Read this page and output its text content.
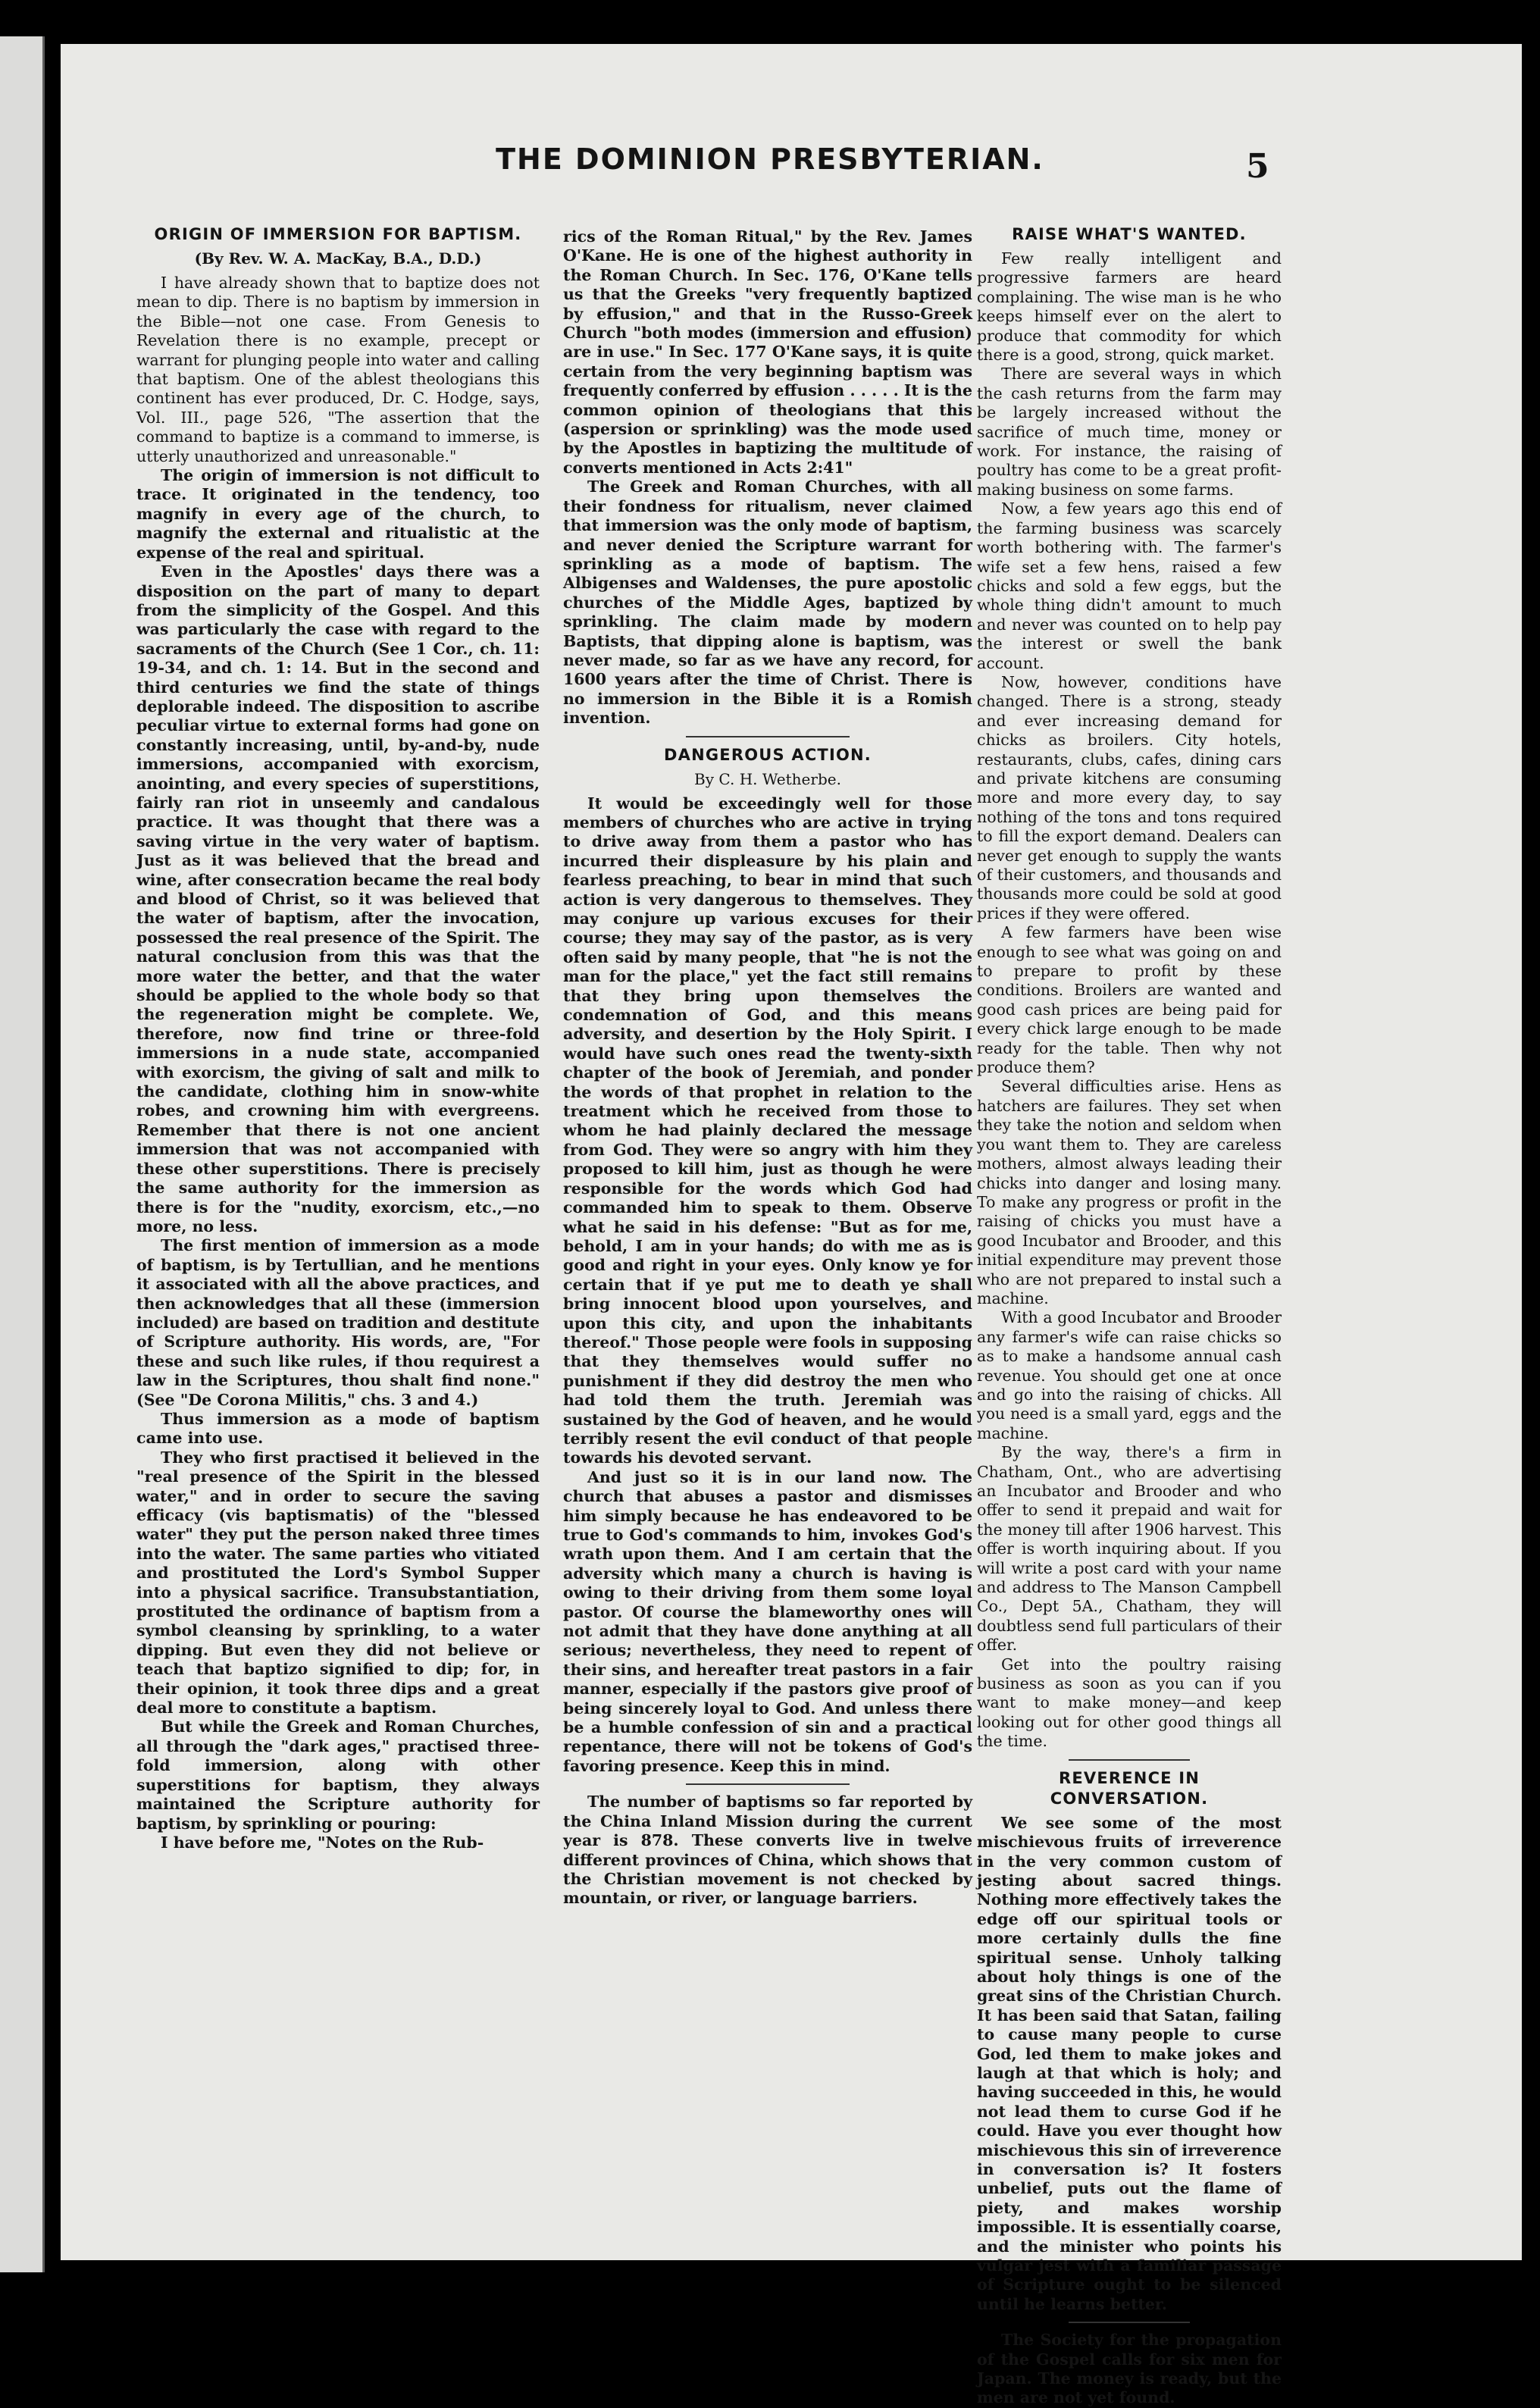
THE DOMINION PRESBYTERIAN.	5
ORIGIN OF IMMERSION FOR BAPTISM.
(By Rev. W. A. MacKay, B.A., D.D.)

I have already shown that to baptize does not mean to dip. There is no baptism by immersion in the Bible—not one case. From Genesis to Revelation there is no example, precept or warrant for plunging people into water and calling that baptism. One of the ablest theologians this continent has ever produced, Dr. C. Hodge, says, Vol. III., page 526, "The assertion that the command to baptize is a command to immerse, is utterly unauthorized and unreasonable."

The origin of immersion is not difficult to trace. It originated in the tendency, too magnify in every age of the church, to magnify the external and ritualistic at the expense of the real and spiritual.

Even in the Apostles' days there was a disposition on the part of many to depart from the simplicity of the Gospel. And this was particularly the case with regard to the sacraments of the Church (See 1 Cor., ch. 11: 19-34, and ch. 1: 14. But in the second and third centuries we find the state of things deplorable indeed. The disposition to ascribe peculiar virtue to external forms had gone on constantly increasing, until, by-and-by, nude immersions, accompanied with exorcism, anointing, and every species of superstitions, fairly ran riot in unseemly and candalous practice. It was thought that there was a saving virtue in the very water of baptism. Just as it was believed that the bread and wine, after consecration became the real body and blood of Christ, so it was believed that the water of baptism, after the invocation, possessed the real presence of the Spirit. The natural conclusion from this was that the more water the better, and that the water should be applied to the whole body so that the regeneration might be complete. We, therefore, now find trine or three-fold immersions in a nude state, accompanied with exorcism, the giving of salt and milk to the candidate, clothing him in snow-white robes, and crowning him with evergreens. Remember that there is not one ancient immersion that was not accompanied with these other superstitions. There is precisely the same authority for the immersion as there is for the "nudity, exorcism, etc.,—no more, no less.

The first mention of immersion as a mode of baptism, is by Tertullian, and he mentions it associated with all the above practices, and then acknowledges that all these (immersion included) are based on tradition and destitute of Scripture authority. His words, are, "For these and such like rules, if thou requirest a law in the Scriptures, thou shalt find none." (See "De Corona Militis," chs. 3 and 4.)

Thus immersion as a mode of baptism came into use.

They who first practised it believed in the "real presence of the Spirit in the blessed water," and in order to secure the saving efficacy (vis baptismatis) of the "blessed water" they put the person naked three times into the water. The same parties who vitiated and prostituted the Lord's Symbol Supper into a physical sacrifice. Transubstantiation, prostituted the ordinance of baptism from a symbol cleansing by sprinkling, to a water dipping. But even they did not believe or teach that baptizo signified to dip; for, in their opinion, it took three dips and a great deal more to constitute a baptism.

But while the Greek and Roman Churches, all through the "dark ages," practised three-fold immersion, along with other superstitions for baptism, they always maintained the Scripture authority for baptism, by sprinkling or pouring:

I have before me, "Notes on the Rub-

rics of the Roman Ritual," by the Rev. James O'Kane. He is one of the highest authority in the Roman Church. In Sec. 176, O'Kane tells us that the Greeks "very frequently baptized by effusion," and that in the Russo-Greek Church "both modes (immersion and effusion) are in use." In Sec. 177 O'Kane says, it is quite certain from the very beginning baptism was frequently conferred by effusion . . . . . It is the common opinion of theologians that this (aspersion or sprinkling) was the mode used by the Apostles in baptizing the multitude of converts mentioned in Acts 2:41"

The Greek and Roman Churches, with all their fondness for ritualism, never claimed that immersion was the only mode of baptism, and never denied the Scripture warrant for sprinkling as a mode of baptism. The Albigenses and Waldenses, the pure apostolic churches of the Middle Ages, baptized by sprinkling. The claim made by modern Baptists, that dipping alone is baptism, was never made, so far as we have any record, for 1600 years after the time of Christ. There is no immersion in the Bible it is a Romish invention.

DANGEROUS ACTION.
By C. H. Wetherbe.

It would be exceedingly well for those members of churches who are active in trying to drive away from them a pastor who has incurred their displeasure by his plain and fearless preaching, to bear in mind that such action is very dangerous to themselves. They may conjure up various excuses for their course; they may say of the pastor, as is very often said by many people, that "he is not the man for the place," yet the fact still remains that they bring upon themselves the condemnation of God, and this means adversity, and desertion by the Holy Spirit. I would have such ones read the twenty-sixth chapter of the book of Jeremiah, and ponder the words of that prophet in relation to the treatment which he received from those to whom he had plainly declared the message from God. They were so angry with him they proposed to kill him, just as though he were responsible for the words which God had commanded him to speak to them. Observe what he said in his defense: "But as for me, behold, I am in your hands; do with me as is good and right in your eyes. Only know ye for certain that if ye put me to death ye shall bring innocent blood upon yourselves, and upon this city, and upon the inhabitants thereof." Those people were fools in supposing that they themselves would suffer no punishment if they did destroy the men who had told them the truth. Jeremiah was sustained by the God of heaven, and he would terribly resent the evil conduct of that people towards his devoted servant.

And just so it is in our land now. The church that abuses a pastor and dismisses him simply because he has endeavored to be true to God's commands to him, invokes God's wrath upon them. And I am certain that the adversity which many a church is having is owing to their driving from them some loyal pastor. Of course the blameworthy ones will not admit that they have done anything at all serious; nevertheless, they need to repent of their sins, and hereafter treat pastors in a fair manner, especially if the pastors give proof of being sincerely loyal to God. And unless there be a humble confession of sin and a practical repentance, there will not be tokens of God's favoring presence. Keep this in mind.

The number of baptisms so far reported by the China Inland Mission during the current year is 878. These converts live in twelve different provinces of China, which shows that the Christian movement is not checked by mountain, or river, or language barriers.

RAISE WHAT'S WANTED.

Few really intelligent and progressive farmers are heard complaining. The wise man is he who keeps himself ever on the alert to produce that commodity for which there is a good, strong, quick market.

There are several ways in which the cash returns from the farm may be largely increased without the sacrifice of much time, money or work. For instance, the raising of poultry has come to be a great profit-making business on some farms.

Now, a few years ago this end of the farming business was scarcely worth bothering with. The farmer's wife set a few hens, raised a few chicks and sold a few eggs, but the whole thing didn't amount to much and never was counted on to help pay the interest or swell the bank account.

Now, however, conditions have changed. There is a strong, steady and ever increasing demand for chicks as broilers. City hotels, restaurants, clubs, cafes, dining cars and private kitchens are consuming more and more every day, to say nothing of the tons and tons required to fill the export demand. Dealers can never get enough to supply the wants of their customers, and thousands and thousands more could be sold at good prices if they were offered.

A few farmers have been wise enough to see what was going on and to prepare to profit by these conditions. Broilers are wanted and good cash prices are being paid for every chick large enough to be made ready for the table. Then why not produce them?

Several difficulties arise. Hens as hatchers are failures. They set when they take the notion and seldom when you want them to. They are careless mothers, almost always leading their chicks into danger and losing many. To make any progress or profit in the raising of chicks you must have a good Incubator and Brooder, and this initial expenditure may prevent those who are not prepared to instal such a machine.

With a good Incubator and Brooder any farmer's wife can raise chicks so as to make a handsome annual cash revenue. You should get one at once and go into the raising of chicks. All you need is a small yard, eggs and the machine.

By the way, there's a firm in Chatham, Ont., who are advertising an Incubator and Brooder and who offer to send it prepaid and wait for the money till after 1906 harvest. This offer is worth inquiring about. If you will write a post card with your name and address to The Manson Campbell Co., Dept 5A., Chatham, they will doubtless send full particulars of their offer.

Get into the poultry raising business as soon as you can if you want to make money—and keep looking out for other good things all the time.

REVERENCE IN CONVERSATION.

We see some of the most mischievous fruits of irreverence in the very common custom of jesting about sacred things. Nothing more effectively takes the edge off our spiritual tools or more certainly dulls the fine spiritual sense. Unholy talking about holy things is one of the great sins of the Christian Church. It has been said that Satan, failing to cause many people to curse God, led them to make jokes and laugh at that which is holy; and having succeeded in this, he would not lead them to curse God if he could. Have you ever thought how mischievous this sin of irreverence in conversation is? It fosters unbelief, puts out the flame of piety, and makes worship impossible. It is essentially coarse, and the minister who points his vulgar jest with a familiar passage of Scripture ought to be silenced until he learns better.

The Society for the propagation of the Gospel calls for six men for Japan. The money is ready, but the men are not yet found.
